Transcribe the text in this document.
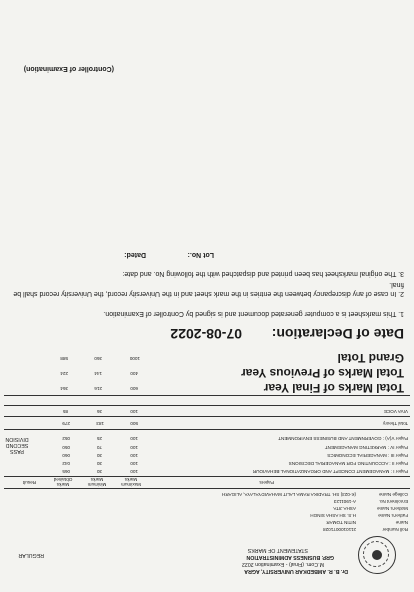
Dr. B. R. AMBEDKAR UNIVERSITY, AGRA
M.Com. (Final) - Examination 2022
GRP. BUSINESS ADMINISTRATION
STATEMENT OF MARKS
REGULAR
Roll Number
2110100071028
Name
NITIN TOMAR
Father's Name
H.S. SH ASHA SINGH
Mother's Name
ASHA JITA
Enrolment No.
A-1901123
College Name
(K-023) SH. TRADIKA RAMA LALIT MAHAVIDYALAYA, ALIGARH
Papers
Maximum Marks
Minimum Marks
Marks Obtained
Result
Paper I : MANAGEMENT CONCEPT AND ORGANIZATIONAL BEHAVIOUR
100
30
065
Paper II : ACCOUNTING FOR MANAGERIAL DECISIONS
100
30
042
Paper III : MANAGERIAL ECONOMICS
100
30
060
Paper IV : MARKETING MANAGEMENT
100
70
050
Paper V(A) : GOVERNMENT AND BUSINESS ENVIRONMENT
100
25
052
PASS SECOND DIVISION
Total Theory
500
183
279
VIVA VOCE
100
36
85
Total Marks of Final Year
600
216
364
Total Marks of Previous Year
400
144
224
Grand Total
1000
360
588
Date of Declaration:
07-08-2022
1. This marksheet is a computer generated document and is signed by Controller of Examination.
2. In case of any discrepancy between the entries in the mark sheet and in the University record, the University record shall be final.
3. The original marksheet has been printed and dispatched with the following No. and date:
Lot No.:
Dated:
(Controller of Examination)
